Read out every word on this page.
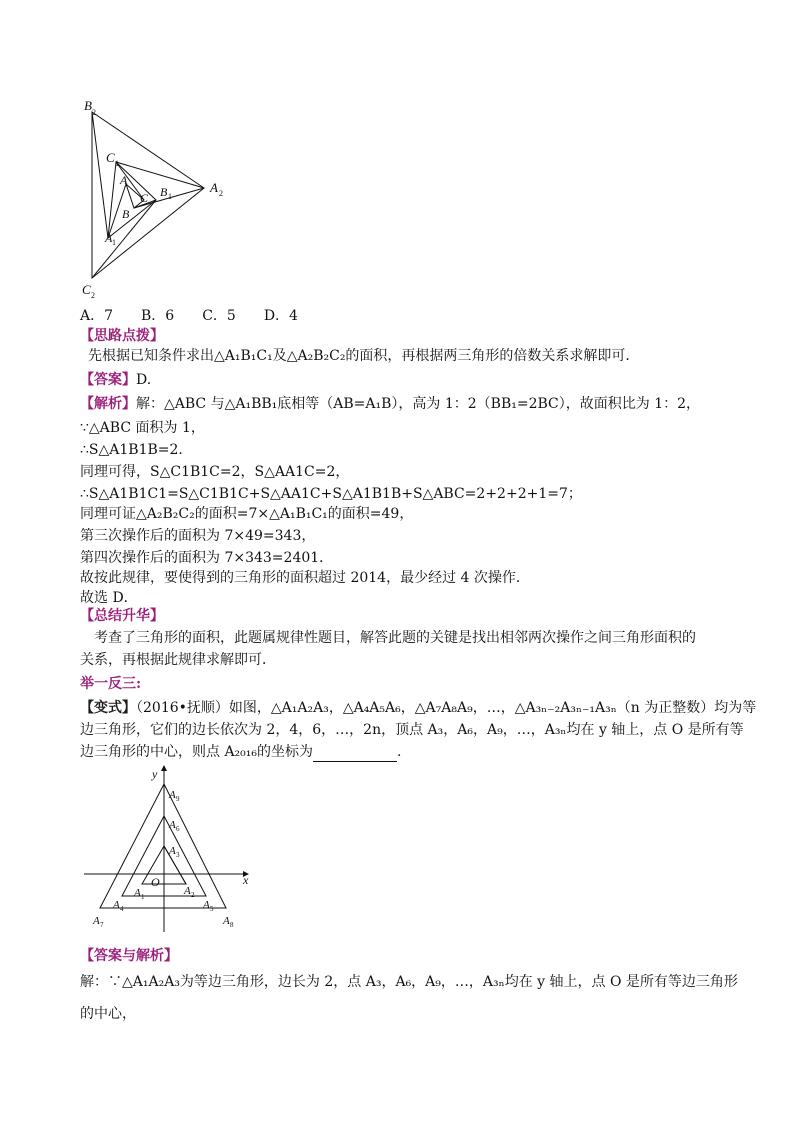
B 2
C 1
A
C B 1
A 2
B
A 1
C 2
A．7　　B．6　　C．5　　D．4
【思路点拨】
先根据已知条件求出△A₁B₁C₁及△A₂B₂C₂的面积，再根据两三角形的倍数关系求解即可．
【答案】D.
【解析】解：△ABC 与△A₁BB₁底相等（AB=A₁B），高为 1：2（BB₁=2BC），故面积比为 1：2，
∵△ABC 面积为 1，
∴S△A1B1B=2．
同理可得，S△C1B1C=2，S△AA1C=2，
∴S△A1B1C1=S△C1B1C+S△AA1C+S△A1B1B+S△ABC=2+2+2+1=7；
同理可证△A₂B₂C₂的面积=7×△A₁B₁C₁的面积=49，
第三次操作后的面积为 7×49=343，
第四次操作后的面积为 7×343=2401．
故按此规律，要使得到的三角形的面积超过 2014，最少经过 4 次操作．
故选 D．
【总结升华】
　考查了三角形的面积，此题属规律性题目，解答此题的关键是找出相邻两次操作之间三角形面积的
关系，再根据此规律求解即可．
举一反三:
【变式】（2016•抚顺）如图，△A₁A₂A₃，△A₄A₅A₆，△A₇A₈A₉，…，△A₃ₙ₋₂A₃ₙ₋₁A₃ₙ（n 为正整数）均为等
边三角形，它们的边长依次为 2，4，6，…，2n，顶点 A₃，A₆，A₉，…，A₃ₙ均在 y 轴上，点 O 是所有等
边三角形的中心，则点 A₂₀₁₆的坐标为	.
y
x
O
A 9
A 6
A 3
A 1	A 2
A 4	A 5
A 7	A 8
【答案与解析】
解：∵△A₁A₂A₃为等边三角形，边长为 2，点 A₃，A₆，A₉，…，A₃ₙ均在 y 轴上，点 O 是所有等边三角形
的中心，
